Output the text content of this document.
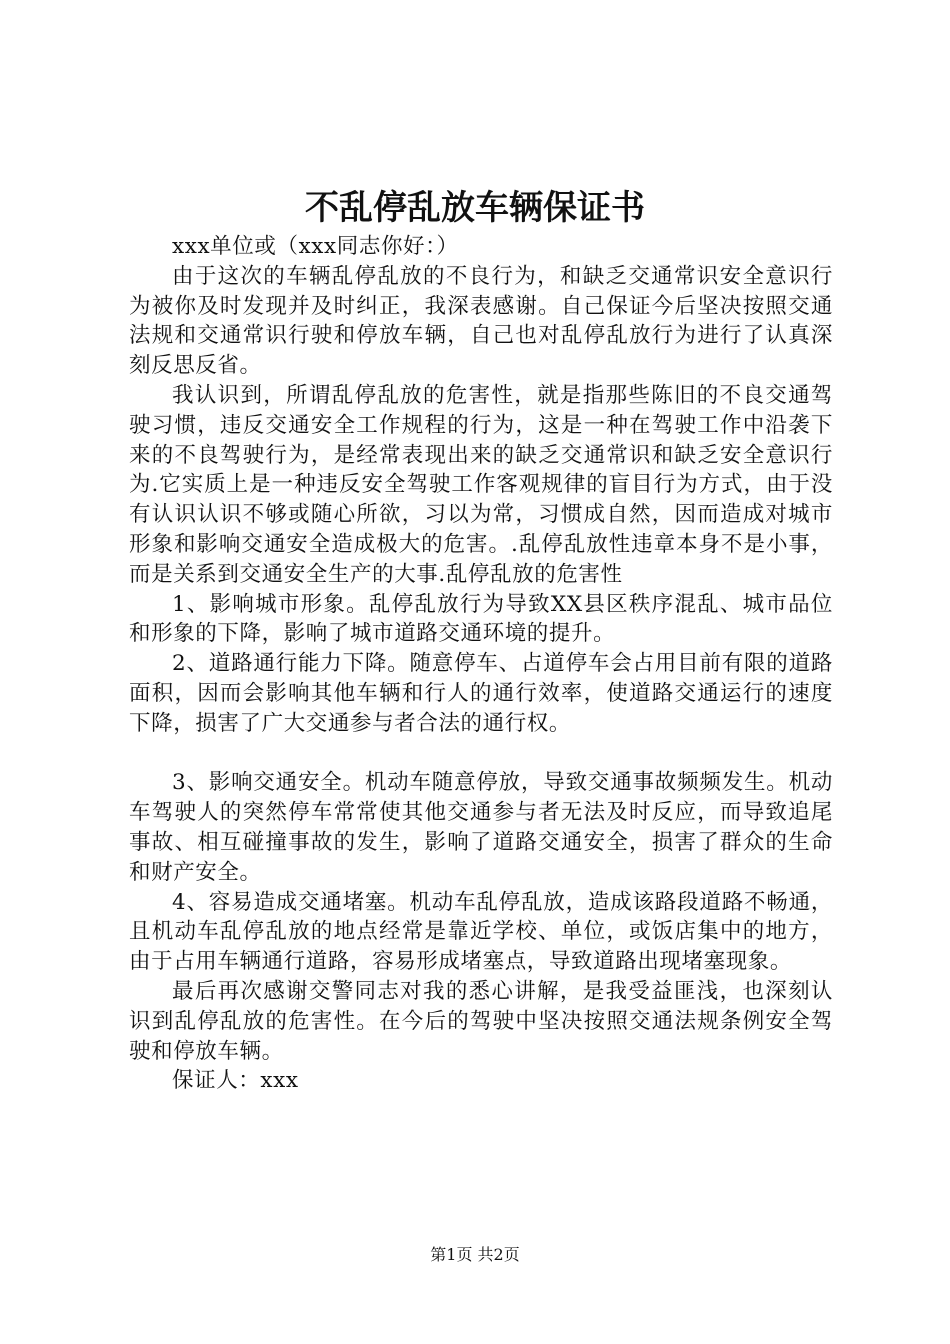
不乱停乱放车辆保证书

xxx单位或（xxx同志你好：）

由于这次的车辆乱停乱放的不良行为，和缺乏交通常识安全意识行为被你及时发现并及时纠正，我深表感谢。自己保证今后坚决按照交通法规和交通常识行驶和停放车辆，自己也对乱停乱放行为进行了认真深刻反思反省。

我认识到，所谓乱停乱放的危害性，就是指那些陈旧的不良交通驾驶习惯，违反交通安全工作规程的行为，这是一种在驾驶工作中沿袭下来的不良驾驶行为，是经常表现出来的缺乏交通常识和缺乏安全意识行为.它实质上是一种违反安全驾驶工作客观规律的盲目行为方式，由于没有认识认识不够或随心所欲，习以为常，习惯成自然，因而造成对城市形象和影响交通安全造成极大的危害。.乱停乱放性违章本身不是小事，而是关系到交通安全生产的大事.乱停乱放的危害性

1、影响城市形象。乱停乱放行为导致XX县区秩序混乱、城市品位和形象的下降，影响了城市道路交通环境的提升。

2、道路通行能力下降。随意停车、占道停车会占用目前有限的道路面积，因而会影响其他车辆和行人的通行效率，使道路交通运行的速度下降，损害了广大交通参与者合法的通行权。

3、影响交通安全。机动车随意停放，导致交通事故频频发生。机动车驾驶人的突然停车常常使其他交通参与者无法及时反应，而导致追尾事故、相互碰撞事故的发生，影响了道路交通安全，损害了群众的生命和财产安全。

4、容易造成交通堵塞。机动车乱停乱放，造成该路段道路不畅通，且机动车乱停乱放的地点经常是靠近学校、单位，或饭店集中的地方，由于占用车辆通行道路，容易形成堵塞点，导致道路出现堵塞现象。

最后再次感谢交警同志对我的悉心讲解，是我受益匪浅，也深刻认识到乱停乱放的危害性。在今后的驾驶中坚决按照交通法规条例安全驾驶和停放车辆。

保证人：xxx

第1页 共2页
